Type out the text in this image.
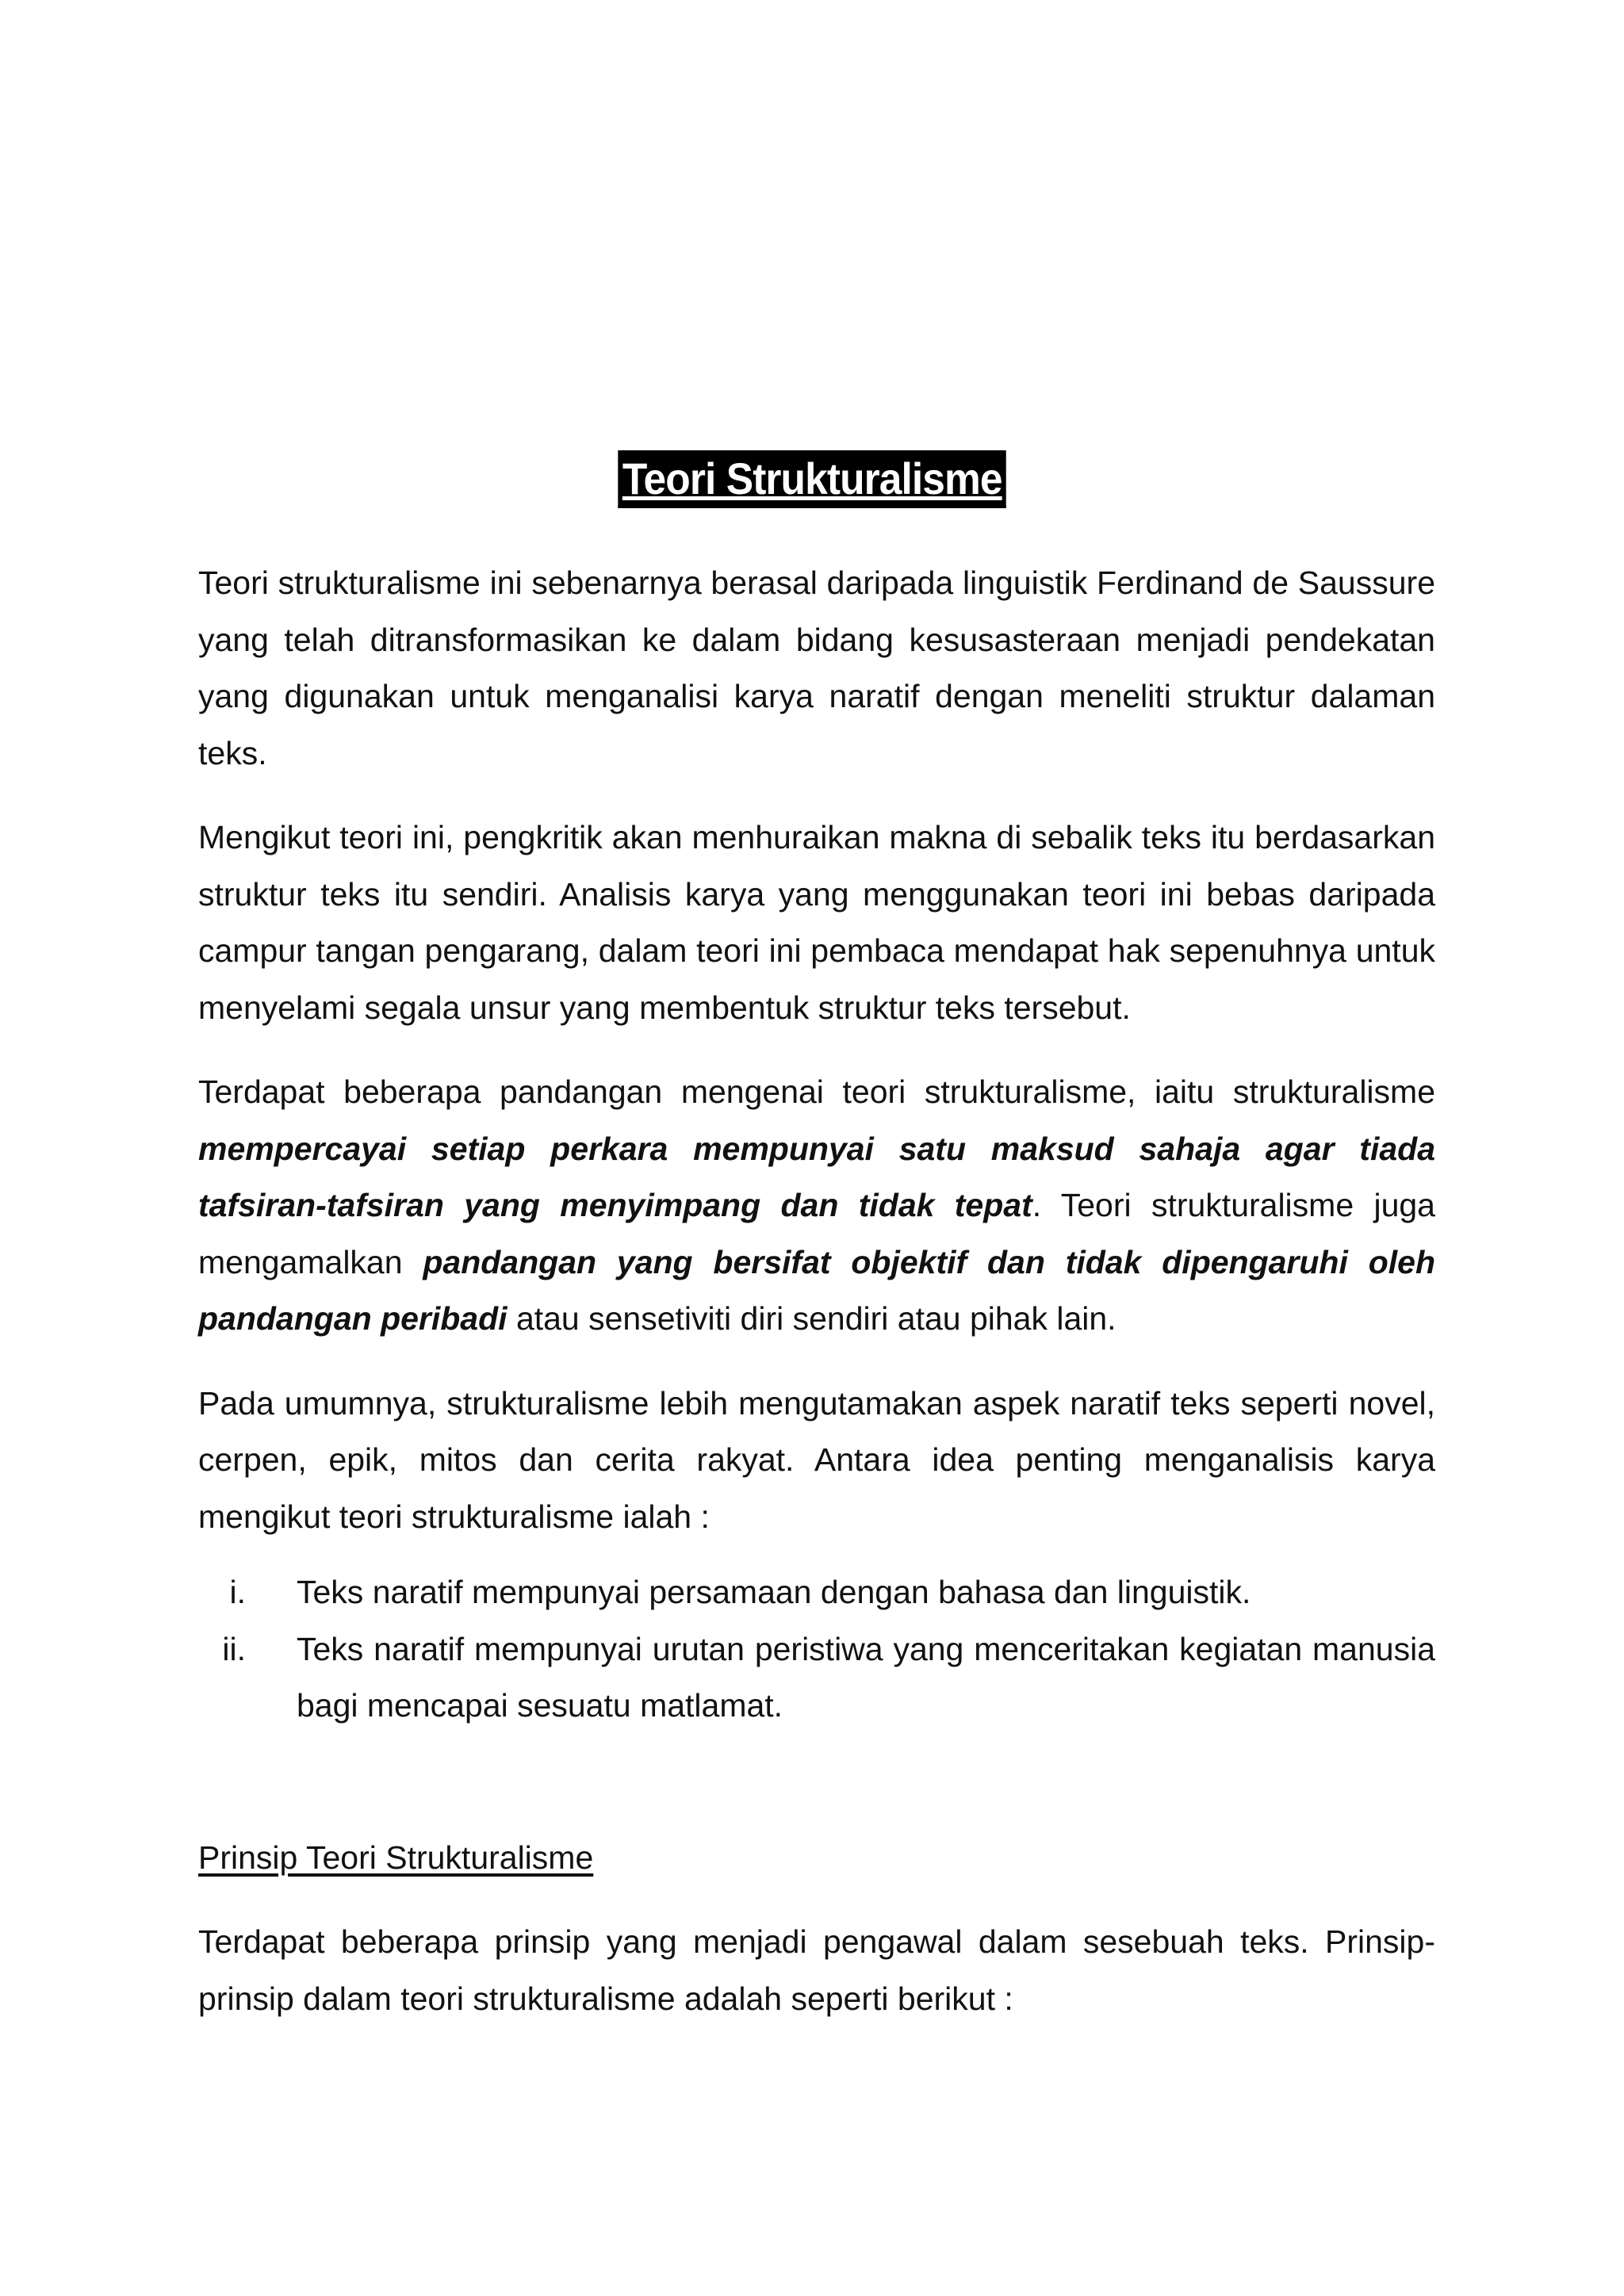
Teori Strukturalisme

Teori strukturalisme ini sebenarnya berasal daripada linguistik Ferdinand de Saussure yang telah ditransformasikan ke dalam bidang kesusasteraan menjadi pendekatan yang digunakan untuk menganalisi karya naratif dengan meneliti struktur dalaman teks.

Mengikut teori ini, pengkritik akan menhuraikan makna di sebalik teks itu berdasarkan struktur teks itu sendiri. Analisis karya yang menggunakan teori ini bebas daripada campur tangan pengarang, dalam teori ini pembaca mendapat hak sepenuhnya untuk menyelami segala unsur yang membentuk struktur teks tersebut.

Terdapat beberapa pandangan mengenai teori strukturalisme, iaitu strukturalisme mempercayai setiap perkara mempunyai satu maksud sahaja agar tiada tafsiran-tafsiran yang menyimpang dan tidak tepat. Teori strukturalisme juga mengamalkan pandangan yang bersifat objektif dan tidak dipengaruhi oleh pandangan peribadi atau sensetiviti diri sendiri atau pihak lain.

Pada umumnya, strukturalisme lebih mengutamakan aspek naratif teks seperti novel, cerpen, epik, mitos dan cerita rakyat. Antara idea penting menganalisis karya mengikut teori strukturalisme ialah :

i. Teks naratif mempunyai persamaan dengan bahasa dan linguistik.
ii. Teks naratif mempunyai urutan peristiwa yang menceritakan kegiatan manusia bagi mencapai sesuatu matlamat.

Prinsip Teori Strukturalisme

Terdapat beberapa prinsip yang menjadi pengawal dalam sesebuah teks. Prinsip-prinsip dalam teori strukturalisme adalah seperti berikut :
